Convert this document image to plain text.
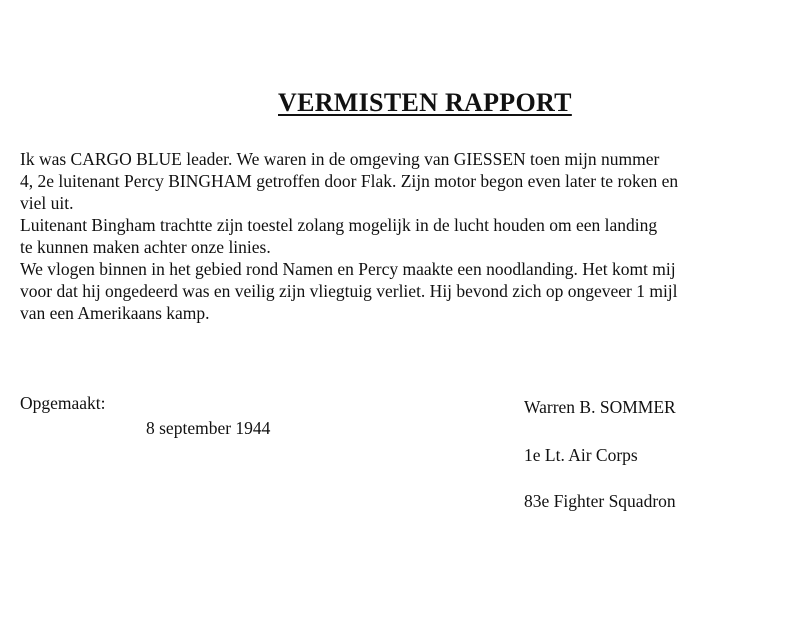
VERMISTEN RAPPORT
Ik was CARGO BLUE leader. We waren in de omgeving van GIESSEN toen mijn nummer
4, 2e luitenant Percy BINGHAM getroffen door Flak. Zijn motor begon even later te roken en
viel uit.
Luitenant Bingham trachtte zijn toestel zolang mogelijk in de lucht houden om een landing
te kunnen maken achter onze linies.
We vlogen binnen in het gebied rond Namen en Percy maakte een noodlanding. Het komt mij
voor dat hij ongedeerd was en veilig zijn vliegtuig verliet. Hij bevond zich op ongeveer 1 mijl
van een Amerikaans kamp.
Opgemaakt:
8 september 1944
Warren B. SOMMER
1e Lt. Air Corps
83e Fighter Squadron
